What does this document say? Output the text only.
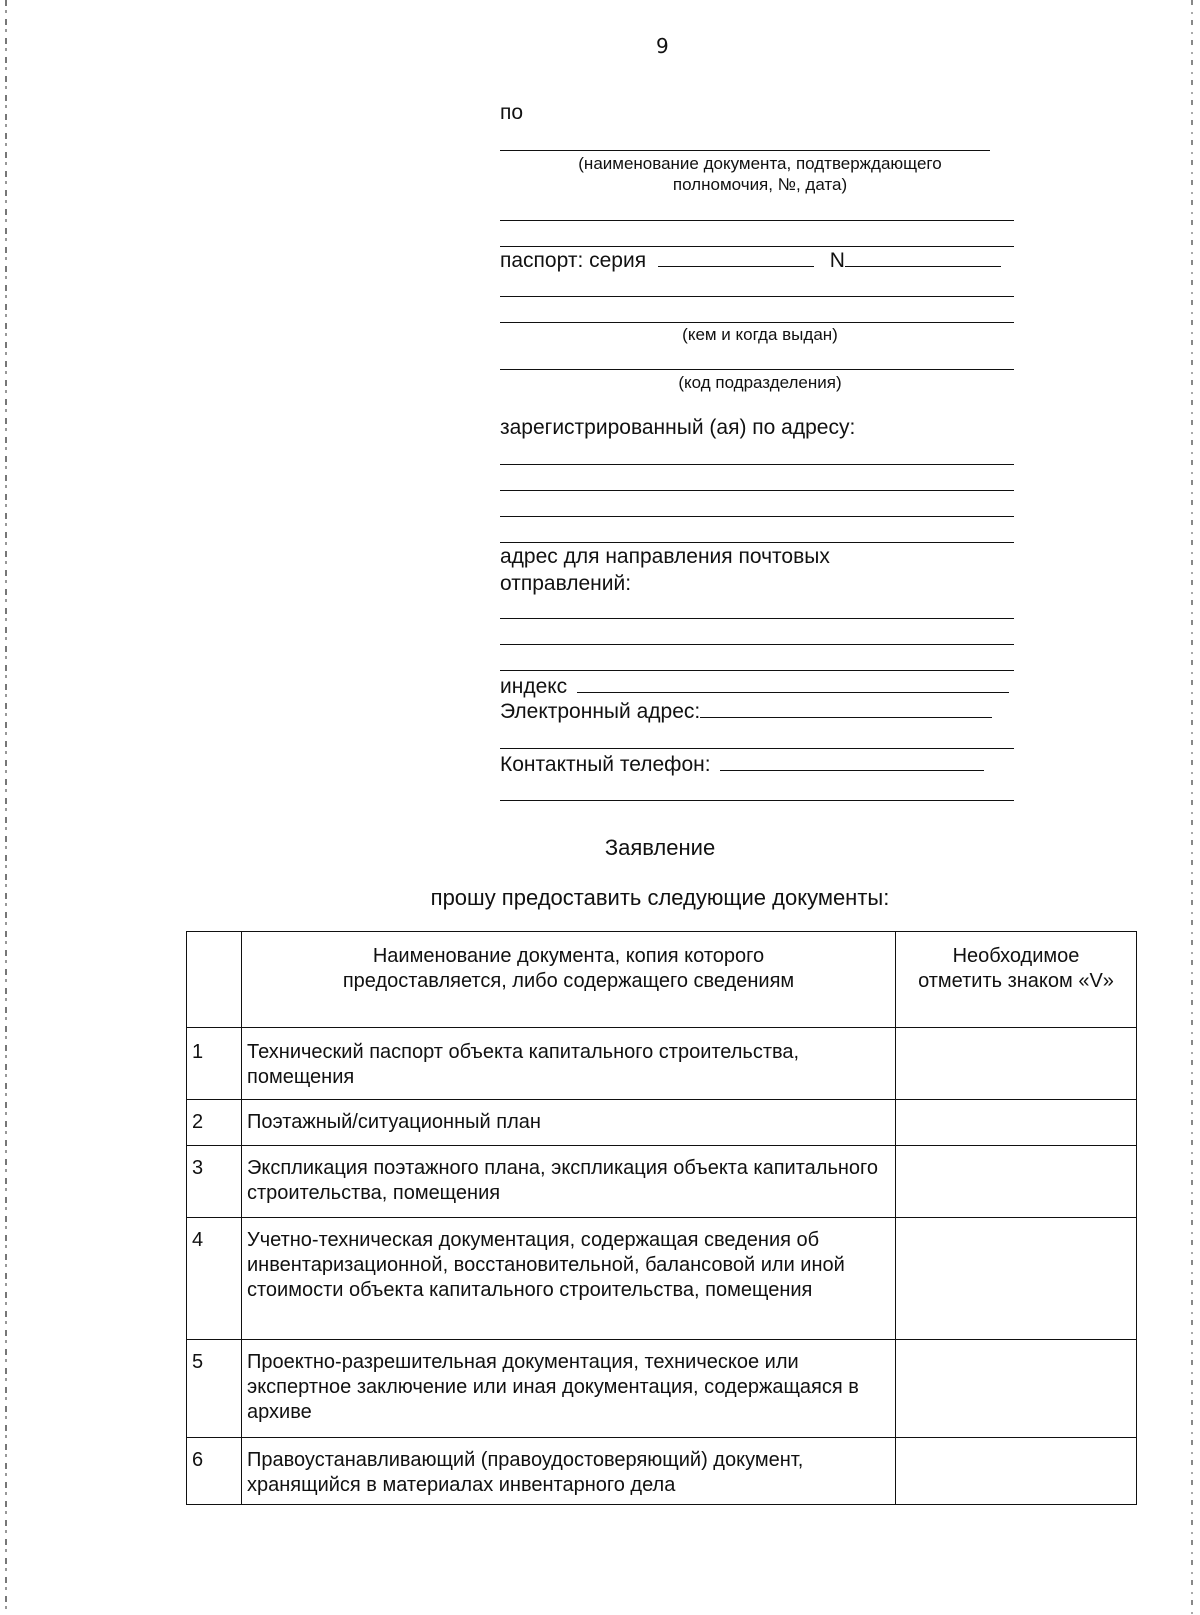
9
по
(наименование документа, подтверждающего полномочия, №, дата)
паспорт: серия	N
(кем и когда выдан)
(код подразделения)
зарегистрированный (ая) по адресу:
адрес для направления почтовых отправлений:
индекс
Электронный адрес:
Контактный телефон:
Заявление
прошу предоставить следующие документы:
	Наименование документа, копия которого предоставляется, либо содержащего сведениям	Необходимое отметить знаком «V»
1	Технический паспорт объекта капитального строительства, помещения	
2	Поэтажный/ситуационный план	
3	Экспликация поэтажного плана, экспликация объекта капитального строительства, помещения	
4	Учетно-техническая документация, содержащая сведения об инвентаризационной, восстановительной, балансовой или иной стоимости объекта капитального строительства, помещения	
5	Проектно-разрешительная документация, техническое или экспертное заключение или иная документация, содержащаяся в архиве	
6	Правоустанавливающий (правоудостоверяющий) документ, хранящийся в материалах инвентарного дела	
